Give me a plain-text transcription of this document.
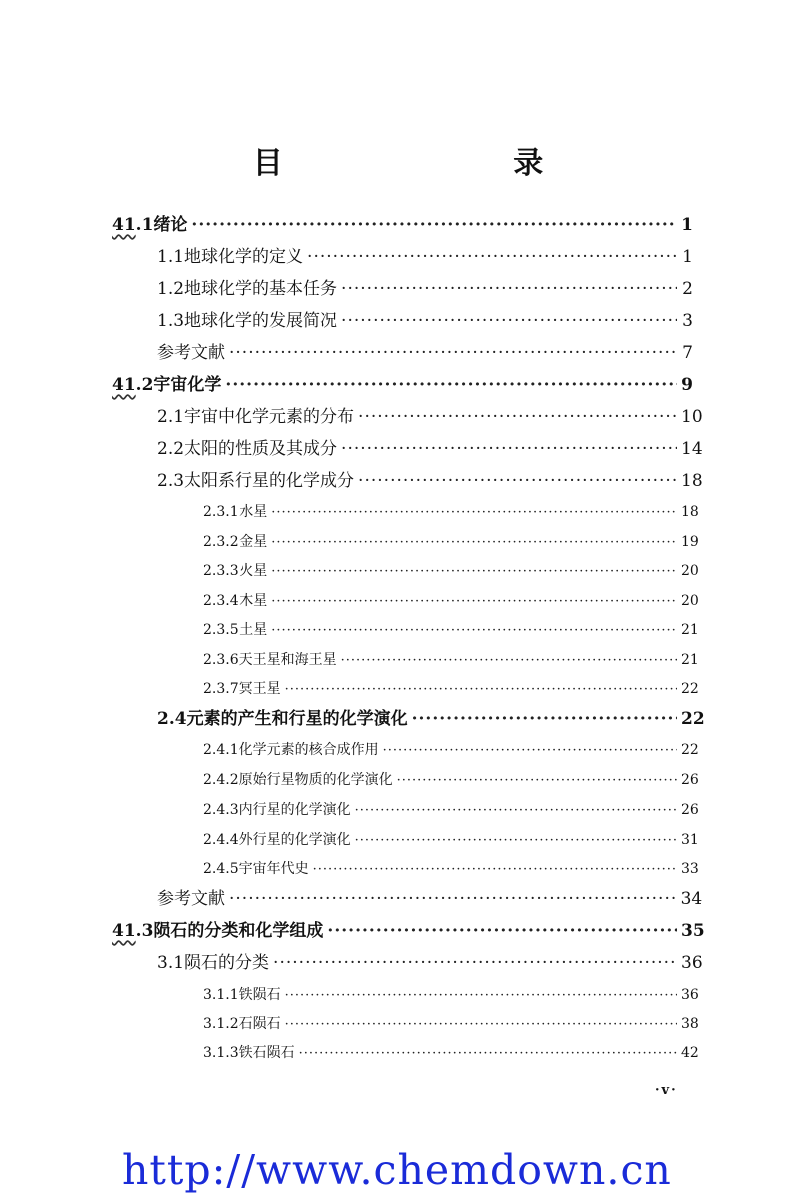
目 录
41.1 绪论 ·····	1
1.1 地球化学的定义 ·····	1
1.2 地球化学的基本任务 ·····	2
1.3 地球化学的发展简况 ·····	3
参考文献 ·····	7
41.2 宇宙化学 ·····	9
2.1 宇宙中化学元素的分布 ·····	10
2.2 太阳的性质及其成分 ·····	14
2.3 太阳系行星的化学成分 ·····	18
2.3.1 水星 ·····	18
2.3.2 金星 ·····	19
2.3.3 火星 ·····	20
2.3.4 木星 ·····	20
2.3.5 土星 ·····	21
2.3.6 天王星和海王星 ·····	21
2.3.7 冥王星 ·····	22
2.4 元素的产生和行星的化学演化 ·····	22
2.4.1 化学元素的核合成作用 ·····	22
2.4.2 原始行星物质的化学演化 ·····	26
2.4.3 内行星的化学演化 ·····	26
2.4.4 外行星的化学演化 ·····	31
2.4.5 宇宙年代史 ·····	33
参考文献 ·····	34
41.3 陨石的分类和化学组成 ·····	35
3.1 陨石的分类 ·····	36
3.1.1 铁陨石 ·····	36
3.1.2 石陨石 ·····	38
3.1.3 铁石陨石 ·····	42
·v·
http://www.chemdown.cn
